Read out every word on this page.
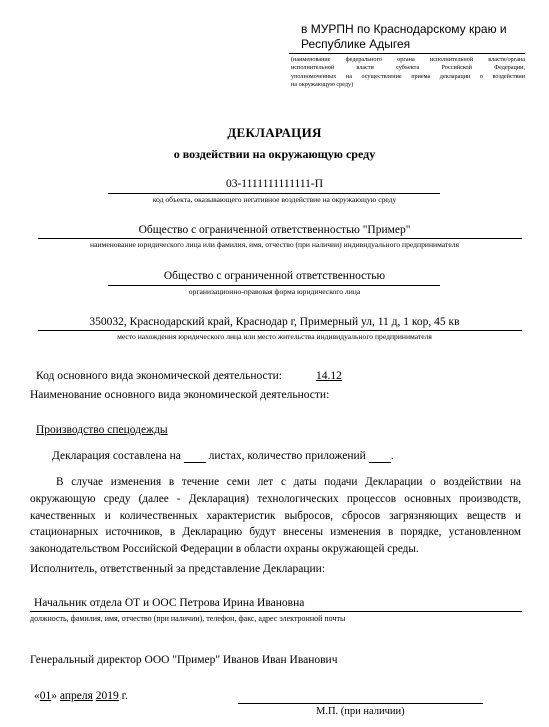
в МУРПН по Краснодарскому краю и
Республике Адыгея
(наименование федерального органа исполнительной власти/органа
исполнительной власти субъекта Российской Федерации,
уполномоченных на осуществление приема декларации о воздействии
на окружающую среду)
ДЕКЛАРАЦИЯ
о воздействии на окружающую среду
03-1111111111111-П
код объекта, оказывающего негативное воздействие на окружающую среду
Общество с ограниченной ответственностью "Пример"
наименование юридического лица или фамилия, имя, отчество (при наличии) индивидуального предпринимателя
Общество с ограниченной ответственностью
организационно-правовая форма юридического лица
350032, Краснодарский край, Краснодар г, Примерный ул, 11 д, 1 кор, 45 кв
место нахождения юридического лица или место жительства индивидуального предпринимателя
Код основного вида экономической деятельности:	14.12
Наименование основного вида экономической деятельности:
Производство спецодежды
Декларация составлена на листах, количество приложений .
В случае изменения в течение семи лет с даты подачи Декларации о воздействии на окружающую среду (далее - Декларация) технологических процессов основных производств, качественных и количественных характеристик выбросов, сбросов загрязняющих веществ и стационарных источников, в Декларацию будут внесены изменения в порядке, установленном законодательством Российской Федерации в области охраны окружающей среды.
Исполнитель, ответственный за представление Декларации:
Начальник отдела ОТ и ООС Петрова Ирина Ивановна
должность, фамилия, имя, отчество (при наличии), телефон, факс, адрес электронной почты
Генеральный директор ООО "Пример" Иванов Иван Иванович
«01» апреля 2019 г.
М.П. (при наличии)
